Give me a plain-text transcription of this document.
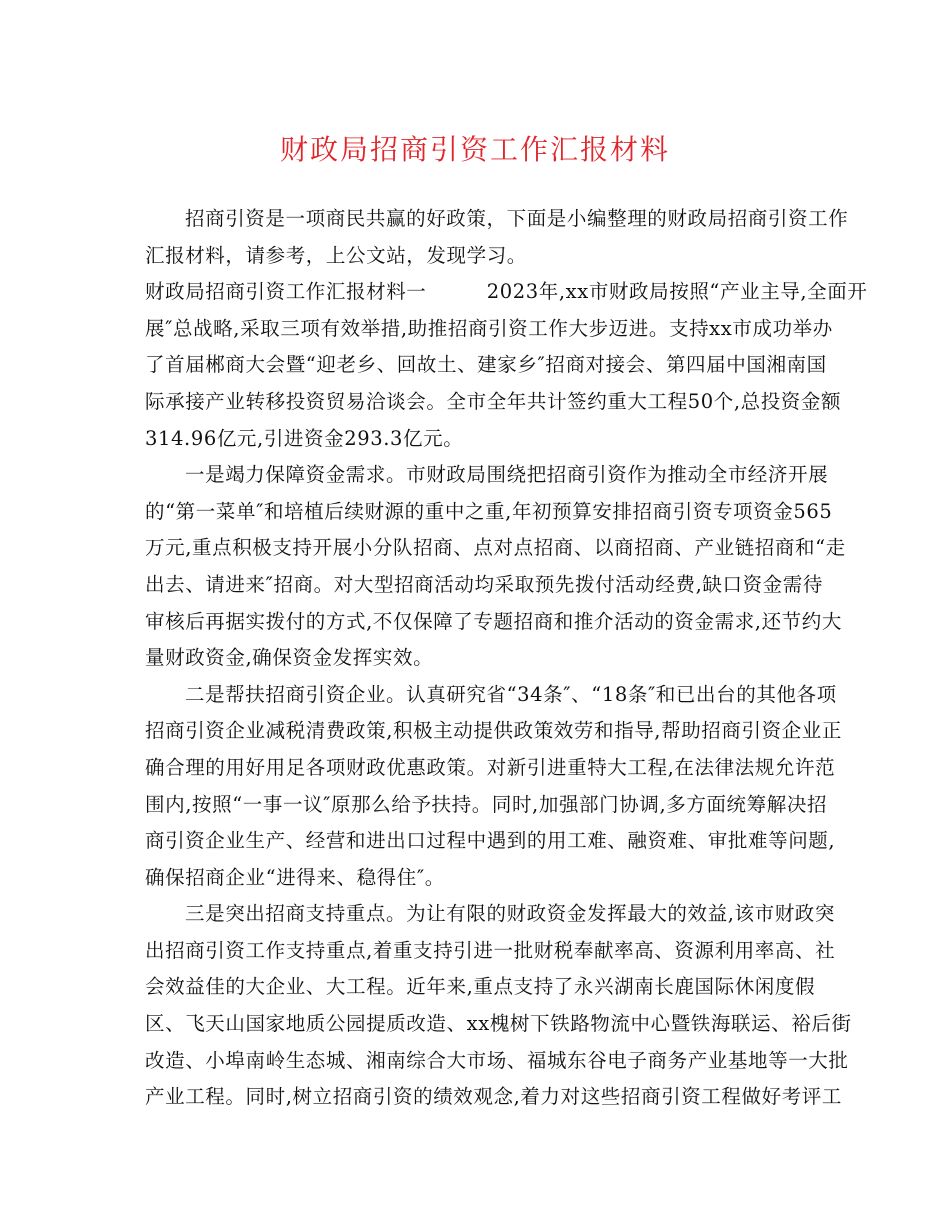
财政局招商引资工作汇报材料
招商引资是一项商民共赢的好政策，下面是小编整理的财政局招商引资工作
汇报材料，请参考，上公文站，发现学习。
财政局招商引资工作汇报材料一　　　2023年,xx市财政局按照“产业主导,全面开
展″总战略,采取三项有效举措,助推招商引资工作大步迈进。支持xx市成功举办
了首届郴商大会暨“迎老乡、回故土、建家乡″招商对接会、第四届中国湘南国
际承接产业转移投资贸易洽谈会。全市全年共计签约重大工程50个,总投资金额
314.96亿元,引进资金293.3亿元。
一是竭力保障资金需求。市财政局围绕把招商引资作为推动全市经济开展
的“第一菜单″和培植后续财源的重中之重,年初预算安排招商引资专项资金565
万元,重点积极支持开展小分队招商、点对点招商、以商招商、产业链招商和“走
出去、请进来″招商。对大型招商活动均采取预先拨付活动经费,缺口资金需待
审核后再据实拨付的方式,不仅保障了专题招商和推介活动的资金需求,还节约大
量财政资金,确保资金发挥实效。
二是帮扶招商引资企业。认真研究省“34条″、“18条″和已出台的其他各项
招商引资企业减税清费政策,积极主动提供政策效劳和指导,帮助招商引资企业正
确合理的用好用足各项财政优惠政策。对新引进重特大工程,在法律法规允许范
围内,按照“一事一议″原那么给予扶持。同时,加强部门协调,多方面统筹解决招
商引资企业生产、经营和进出口过程中遇到的用工难、融资难、审批难等问题,
确保招商企业“进得来、稳得住″。
三是突出招商支持重点。为让有限的财政资金发挥最大的效益,该市财政突
出招商引资工作支持重点,着重支持引进一批财税奉献率高、资源利用率高、社
会效益佳的大企业、大工程。近年来,重点支持了永兴湖南长鹿国际休闲度假
区、飞天山国家地质公园提质改造、xx槐树下铁路物流中心暨铁海联运、裕后街
改造、小埠南岭生态城、湘南综合大市场、福城东谷电子商务产业基地等一大批
产业工程。同时,树立招商引资的绩效观念,着力对这些招商引资工程做好考评工
